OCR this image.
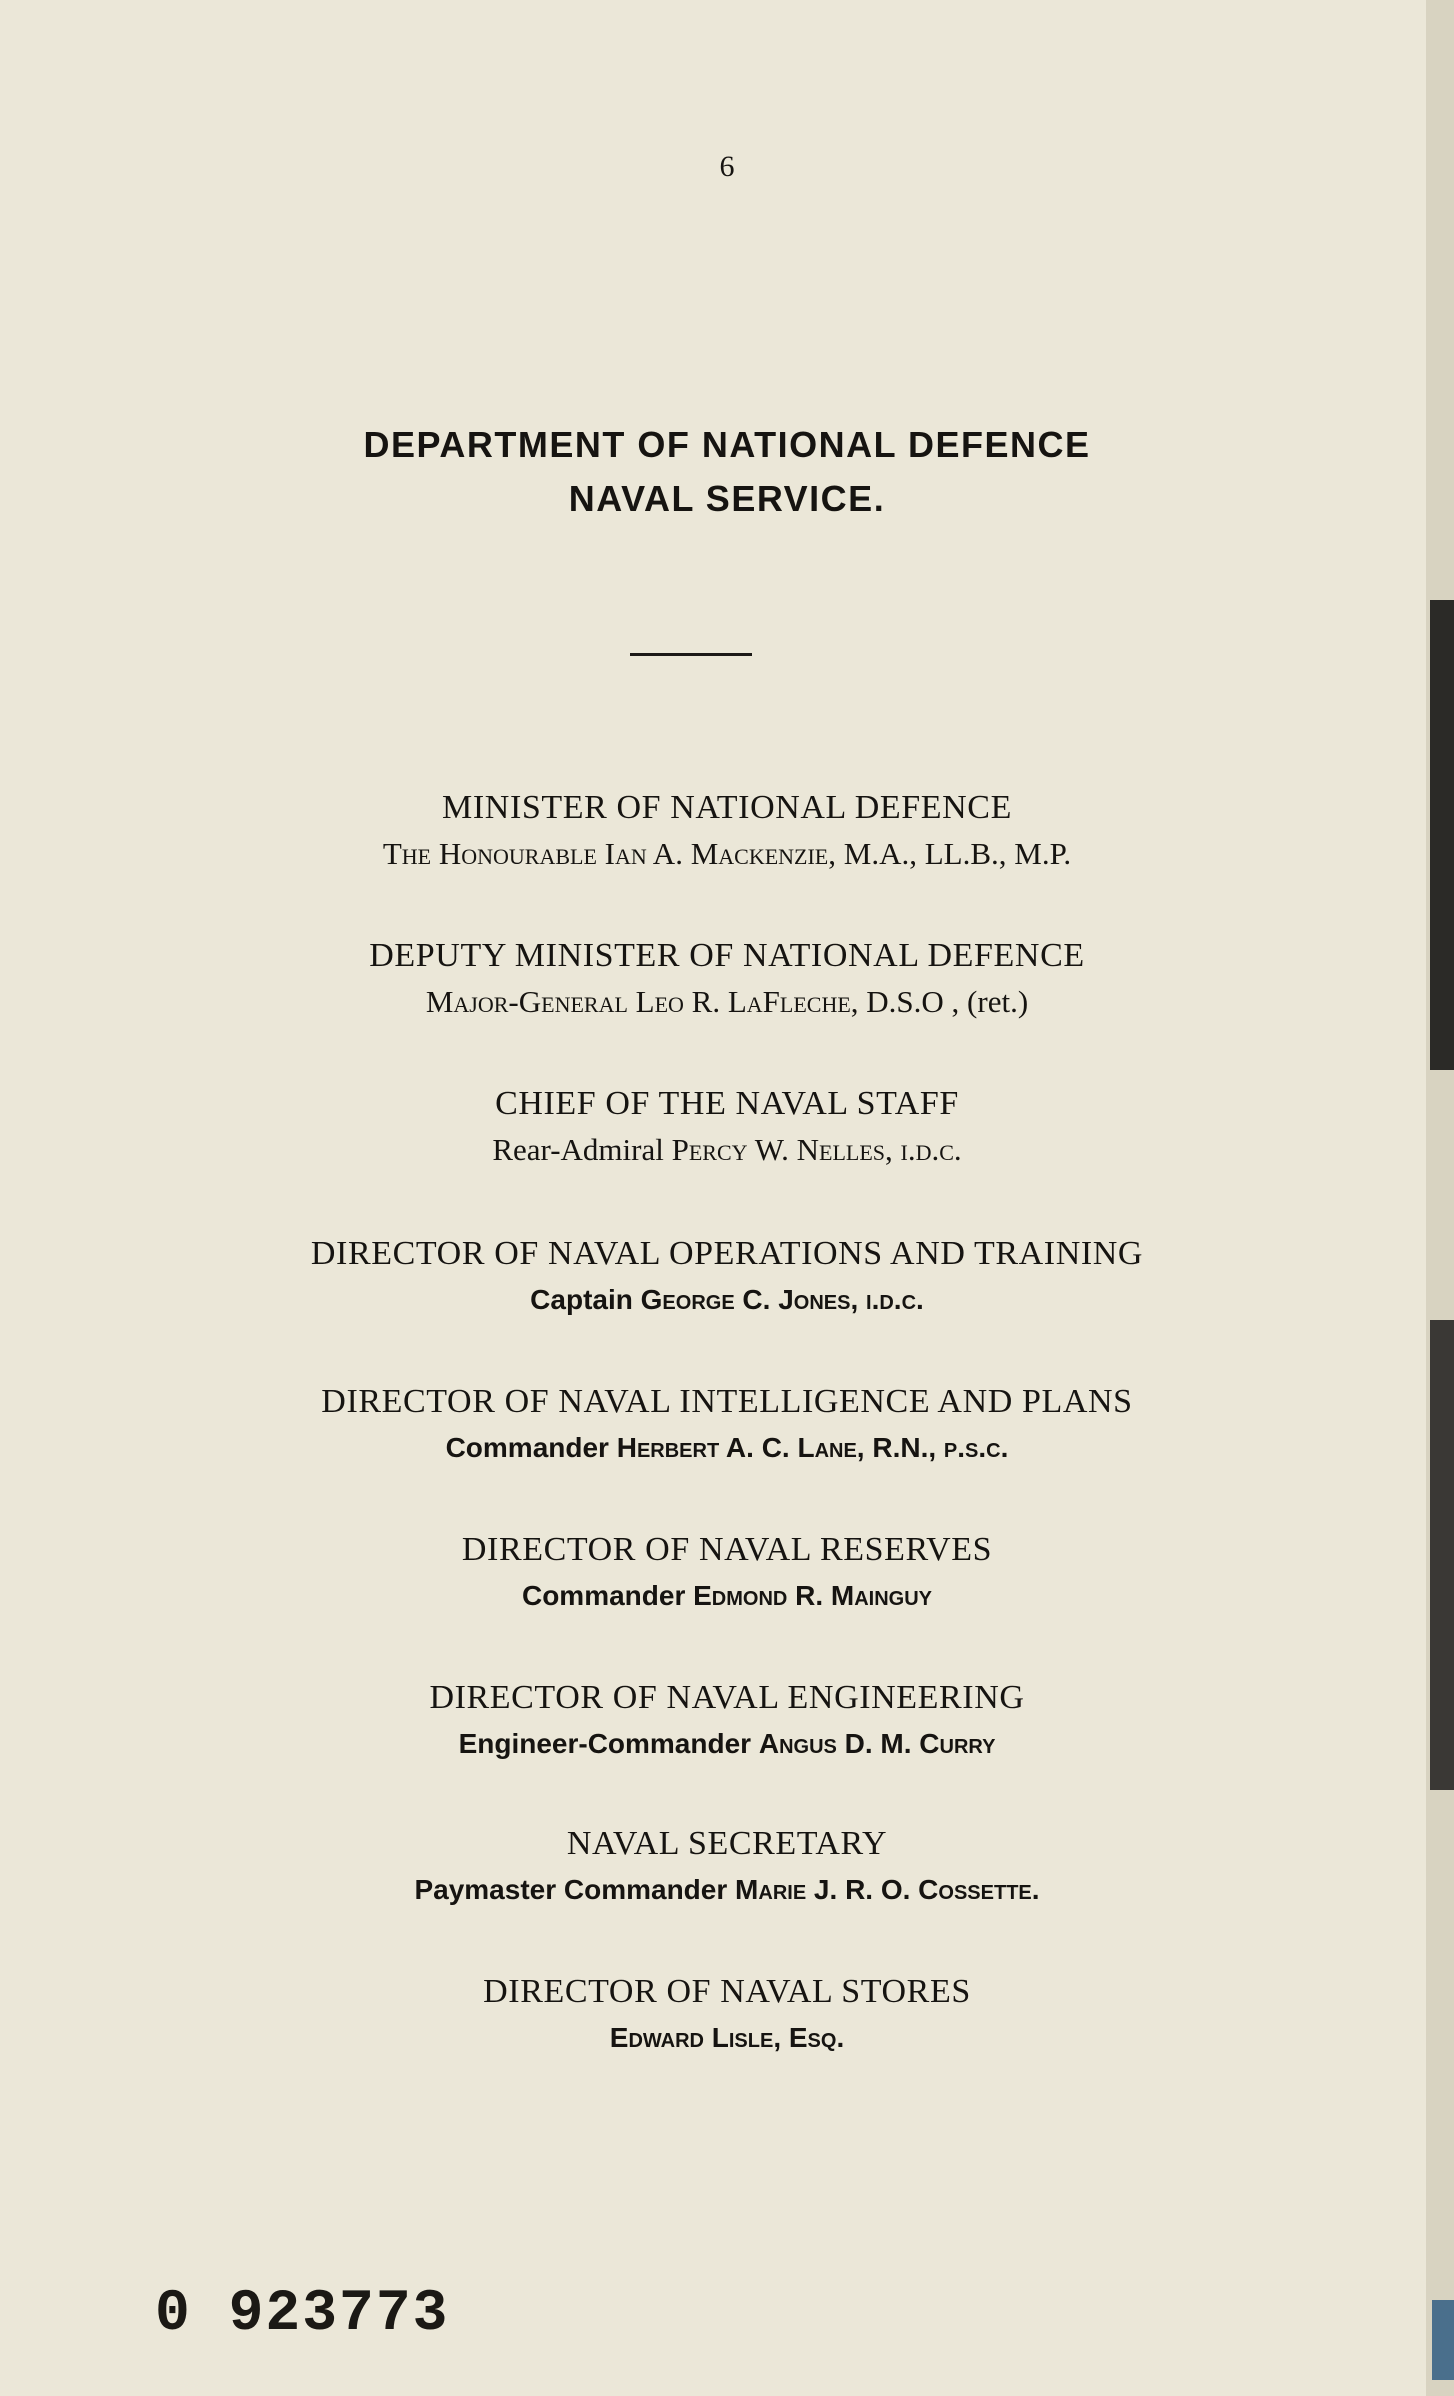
6
DEPARTMENT OF NATIONAL DEFENCE
NAVAL SERVICE.
MINISTER OF NATIONAL DEFENCE
The Honourable Ian A. Mackenzie, M.A., LL.B., M.P.
DEPUTY MINISTER OF NATIONAL DEFENCE
Major-General Leo R. LaFleche, D.S.O , (ret.)
CHIEF OF THE NAVAL STAFF
Rear-Admiral Percy W. Nelles, i.d.c.
DIRECTOR OF NAVAL OPERATIONS AND TRAINING
Captain George C. Jones, i.d.c.
DIRECTOR OF NAVAL INTELLIGENCE AND PLANS
Commander Herbert A. C. Lane, R.N., p.s.c.
DIRECTOR OF NAVAL RESERVES
Commander Edmond R. Mainguy
DIRECTOR OF NAVAL ENGINEERING
Engineer-Commander Angus D. M. Curry
NAVAL SECRETARY
Paymaster Commander Marie J. R. O. Cossette.
DIRECTOR OF NAVAL STORES
Edward Lisle, Esq.
0 923773
